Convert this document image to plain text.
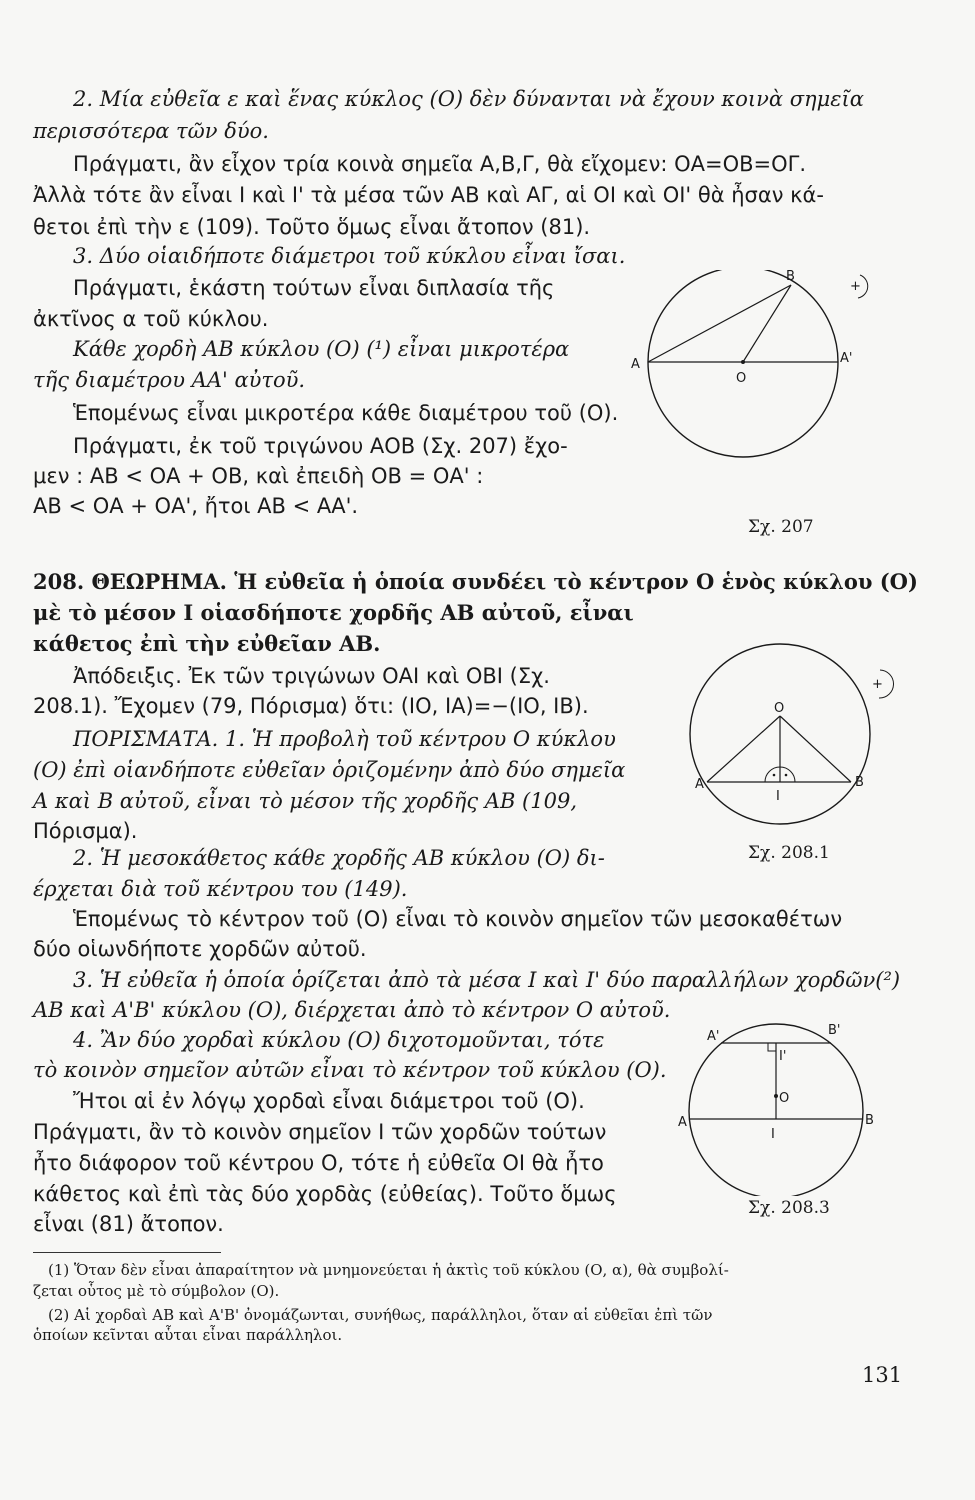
2. Μία εὐθεῖα ε καὶ ἕνας κύκλος (Ο) δὲν δύνανται νὰ ἔχουν κοινὰ σημεῖα
περισσότερα τῶν δύο.
Πράγματι, ἂν εἶχον τρία κοινὰ σημεῖα Α,Β,Γ, θὰ εἴχομεν: ΟΑ=ΟΒ=ΟΓ.
Ἀλλὰ τότε ἂν εἶναι Ι καὶ Ι' τὰ μέσα τῶν ΑΒ καὶ ΑΓ, αἱ ΟΙ καὶ ΟΙ' θὰ ἦσαν κά-
θετοι ἐπὶ τὴν ε (109). Τοῦτο ὅμως εἶναι ἄτοπον (81).
3. Δύο οἱαιδήποτε διάμετροι τοῦ κύκλου εἶναι ἴσαι.
Πράγματι, ἑκάστη τούτων εἶναι διπλασία τῆς
ἀκτῖνος α τοῦ κύκλου.
Κάθε χορδὴ ΑΒ κύκλου (Ο) (¹) εἶναι μικροτέρα
τῆς διαμέτρου ΑΑ' αὐτοῦ.
Ἑπομένως εἶναι μικροτέρα κάθε διαμέτρου τοῦ (Ο).
Πράγματι, ἐκ τοῦ τριγώνου ΑΟΒ (Σχ. 207) ἔχο-
μεν : ΑΒ < ΟΑ + ΟΒ, καὶ ἐπειδὴ ΟΒ = ΟΑ' :
ΑΒ < ΟΑ + ΟΑ', ἤτοι ΑΒ < ΑΑ'.
208. ΘΕΩΡΗΜΑ. Ἡ εὐθεῖα ἡ ὁποία συνδέει τὸ κέντρον Ο ἑνὸς κύκλου (Ο)
μὲ τὸ μέσον Ι οἱασδήποτε χορδῆς ΑΒ αὐτοῦ, εἶναι
κάθετος ἐπὶ τὴν εὐθεῖαν ΑΒ.
Ἀπόδειξις. Ἐκ τῶν τριγώνων ΟΑΙ καὶ ΟΒΙ (Σχ.
208.1). Ἔχομεν (79, Πόρισμα) ὅτι: (ΙΟ, ΙΑ)=−(ΙΟ, ΙΒ).
ΠΟΡΙΣΜΑΤΑ. 1. Ἡ προβολὴ τοῦ κέντρου Ο κύκλου
(Ο) ἐπὶ οἱανδήποτε εὐθεῖαν ὁριζομένην ἀπὸ δύο σημεῖα
Α καὶ Β αὐτοῦ, εἶναι τὸ μέσον τῆς χορδῆς ΑΒ (109,
Πόρισμα).
2. Ἡ μεσοκάθετος κάθε χορδῆς ΑΒ κύκλου (Ο) δι-
έρχεται διὰ τοῦ κέντρου του (149).
Ἑπομένως τὸ κέντρον τοῦ (Ο) εἶναι τὸ κοινὸν σημεῖον τῶν μεσοκαθέτων
δύο οἱωνδήποτε χορδῶν αὐτοῦ.
3. Ἡ εὐθεῖα ἡ ὁποία ὁρίζεται ἀπὸ τὰ μέσα Ι καὶ Ι' δύο παραλλήλων χορδῶν(²)
ΑΒ καὶ Α'Β' κύκλου (Ο), διέρχεται ἀπὸ τὸ κέντρον Ο αὐτοῦ.
4. Ἂν δύο χορδαὶ κύκλου (Ο) διχοτομοῦνται, τότε
τὸ κοινὸν σημεῖον αὐτῶν εἶναι τὸ κέντρον τοῦ κύκλου (Ο).
Ἤτοι αἱ ἐν λόγῳ χορδαὶ εἶναι διάμετροι τοῦ (Ο).
Πράγματι, ἂν τὸ κοινὸν σημεῖον Ι τῶν χορδῶν τούτων
ἦτο διάφορον τοῦ κέντρου Ο, τότε ἡ εὐθεῖα ΟΙ θὰ ἦτο
κάθετος καὶ ἐπὶ τὰς δύο χορδὰς (εὐθείας). Τοῦτο ὅμως
εἶναι (81) ἄτοπον.
A	A'
O
B
+
Σχ. 207
A	B
O
I
+
Σχ. 208.1
A'	B'
I'
O
A	B
I
Σχ. 208.3
(1) Ὅταν δὲν εἶναι ἀπαραίτητον νὰ μνημονεύεται ἡ ἀκτὶς τοῦ κύκλου (Ο, α), θὰ συμβολί-
ζεται οὗτος μὲ τὸ σύμβολον (Ο).
(2) Αἱ χορδαὶ ΑΒ καὶ Α'Β' ὀνομάζωνται, συνήθως, παράλληλοι, ὅταν αἱ εὐθεῖαι ἐπὶ τῶν
ὁποίων κεῖνται αὗται εἶναι παράλληλοι.
131
